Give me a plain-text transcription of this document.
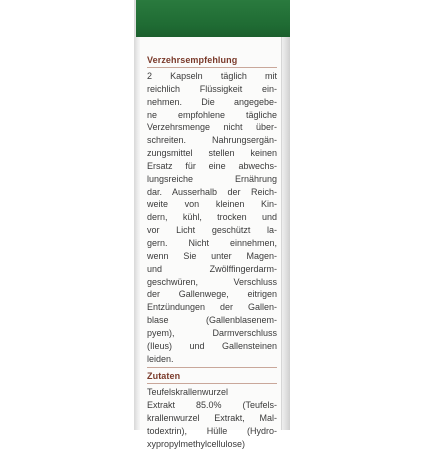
Verzehrsempfehlung
2 Kapseln täglich mit
reichlich Flüssigkeit ein-
nehmen. Die angegebe-
ne empfohlene tägliche
Verzehrsmenge nicht über-
schreiten. Nahrungsergän-
zungsmittel stellen keinen
Ersatz für eine abwechs-
lungsreiche Ernährung
dar. Ausserhalb der Reich-
weite von kleinen Kin-
dern, kühl, trocken und
vor Licht geschützt la-
gern. Nicht einnehmen,
wenn Sie unter Magen-
und Zwölffingerdarm-
geschwüren, Verschluss
der Gallenwege, eitrigen
Entzündungen der Gallen-
blase (Gallenblasenem-
pyem), Darmverschluss
(Ileus) und Gallensteinen
leiden.
Zutaten
Teufelskrallenwurzel
Extrakt 85.0% (Teufels-
krallenwurzel Extrakt, Mal-
todextrin), Hülle (Hydro-
xypropylmethylcellulose)
